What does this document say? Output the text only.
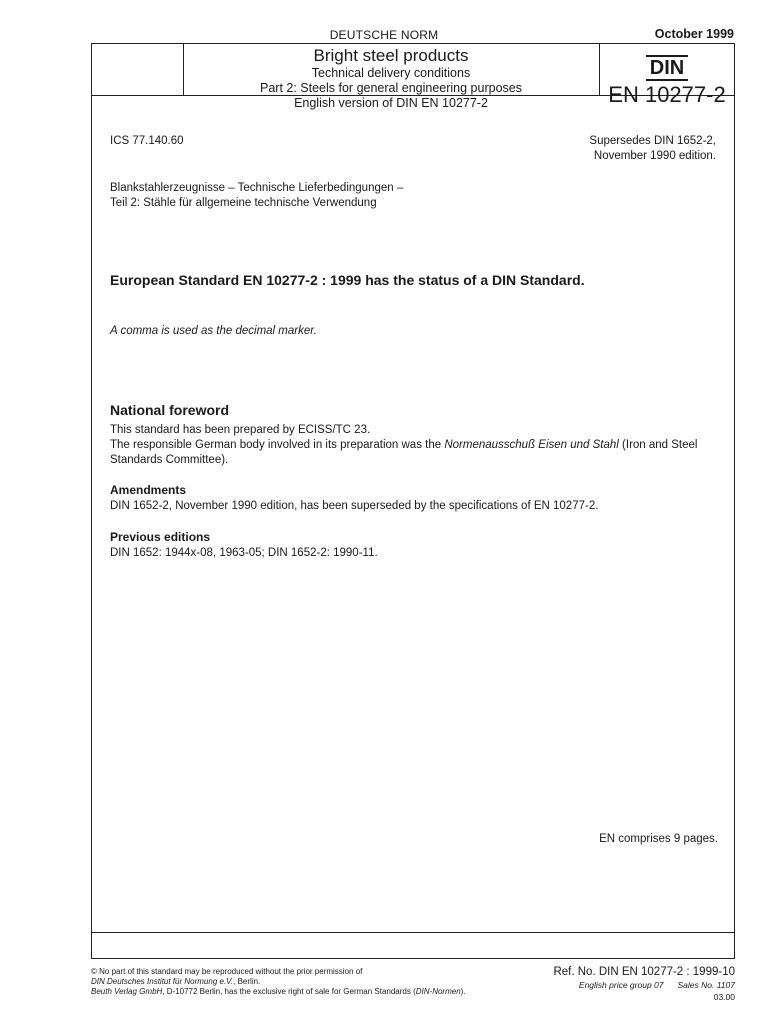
DEUTSCHE NORM	October 1999
Bright steel products
Technical delivery conditions
Part 2: Steels for general engineering purposes
English version of DIN EN 10277-2
DIN
EN 10277-2
ICS 77.140.60	Supersedes DIN 1652-2,
November 1990 edition.
Blankstahlerzeugnisse – Technische Lieferbedingungen –
Teil 2: Stähle für allgemeine technische Verwendung
European Standard EN 10277-2 : 1999 has the status of a DIN Standard.
A comma is used as the decimal marker.
National foreword

This standard has been prepared by ECISS/TC 23.

The responsible German body involved in its preparation was the Normenausschuß Eisen und Stahl (Iron and Steel Standards Committee).

Amendments
DIN 1652-2, November 1990 edition, has been superseded by the specifications of EN 10277-2.
Previous editions
DIN 1652: 1944x-08, 1963-05; DIN 1652-2: 1990-11.
EN comprises 9 pages.
© No part of this standard may be reproduced without the prior permission of
DIN Deutsches Institut für Normung e.V., Berlin.
Beuth Verlag GmbH, D-10772 Berlin, has the exclusive right of sale for German Standards (DIN-Normen).
Ref. No. DIN EN 10277-2 : 1999-10
English price group 07 Sales No. 1107
03.00
